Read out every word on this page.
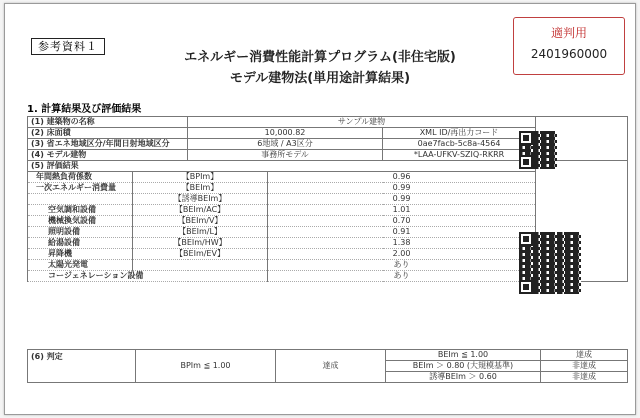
参考資料１
エネルギー消費性能計算プログラム(非住宅版)
モデル建物法(単用途計算結果)
適判用
2401960000
1. 計算結果及び評価結果
(1) 建築物の名称		サンプル建物			
(2) 床面積		10,000.82		XML ID/再出力コード	
(3) 省エネ地域区分/年間日射地域区分		6地域 / A3区分		0ae7facb-5c8a-4564	
(4) モデル建物		事務所モデル		*LAA-UFKV-SZIQ-RKRR	
(5) 評価結果					
年間熱負荷係数	【BPIm】		0.96		
一次エネルギー消費量	【BEIm】		0.99		
	【誘導BEIm】		0.99		
空気調和設備	【BEIm/AC】		1.01		
機械換気設備	【BEIm/V】		0.70		
照明設備	【BEIm/L】		0.91		
給湯設備	【BEIm/HW】		1.38		
昇降機	【BEIm/EV】		2.00		
太陽光発電			あり		
コージェネレーション設備			あり		
(6) 判定	BPIm ≦ 1.00	達成	BEIm ≦ 1.00	達成
			BEIm ＞ 0.80 (大規模基準)	非達成
			誘導BEIm ＞ 0.60	非達成
